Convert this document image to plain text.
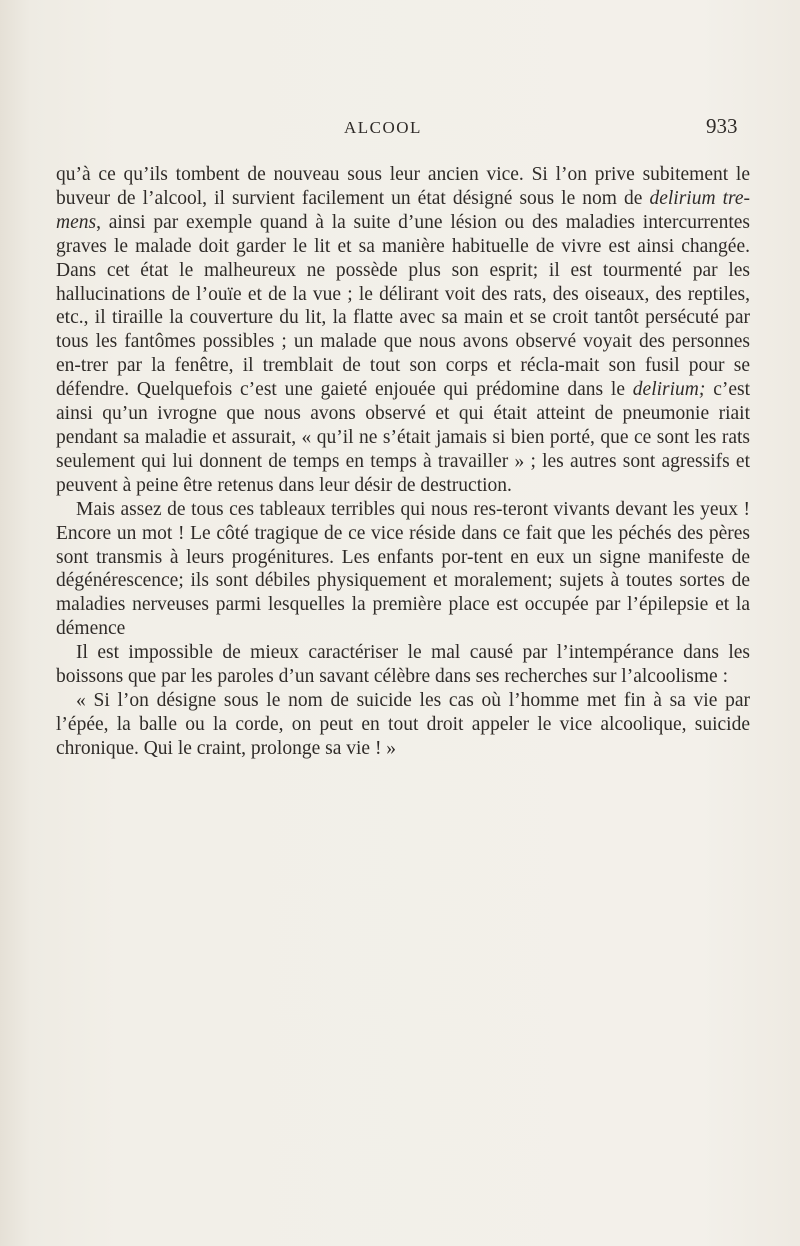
ALCOOL	933

qu’à ce qu’ils tombent de nouveau sous leur ancien vice. Si l’on prive subitement le buveur de l’alcool, il survient facilement un état désigné sous le nom de delirium tre-mens, ainsi par exemple quand à la suite d’une lésion ou des maladies intercurrentes graves le malade doit garder le lit et sa manière habituelle de vivre est ainsi changée. Dans cet état le malheureux ne possède plus son esprit; il est tourmenté par les hallucinations de l’ouïe et de la vue ; le délirant voit des rats, des oiseaux, des reptiles, etc., il tiraille la couverture du lit, la flatte avec sa main et se croit tantôt persécuté par tous les fantômes possibles ; un malade que nous avons observé voyait des personnes en-trer par la fenêtre, il tremblait de tout son corps et récla-mait son fusil pour se défendre. Quelquefois c’est une gaieté enjouée qui prédomine dans le delirium; c’est ainsi qu’un ivrogne que nous avons observé et qui était atteint de pneumonie riait pendant sa maladie et assurait, « qu’il ne s’était jamais si bien porté, que ce sont les rats seulement qui lui donnent de temps en temps à travailler » ; les autres sont agressifs et peuvent à peine être retenus dans leur désir de destruction.

Mais assez de tous ces tableaux terribles qui nous res-teront vivants devant les yeux ! Encore un mot ! Le côté tragique de ce vice réside dans ce fait que les péchés des pères sont transmis à leurs progénitures. Les enfants por-tent en eux un signe manifeste de dégénérescence; ils sont débiles physiquement et moralement; sujets à toutes sortes de maladies nerveuses parmi lesquelles la première place est occupée par l’épilepsie et la démence

Il est impossible de mieux caractériser le mal causé par l’intempérance dans les boissons que par les paroles d’un savant célèbre dans ses recherches sur l’alcoolisme :

« Si l’on désigne sous le nom de suicide les cas où l’homme met fin à sa vie par l’épée, la balle ou la corde, on peut en tout droit appeler le vice alcoolique, suicide chronique. Qui le craint, prolonge sa vie ! »
